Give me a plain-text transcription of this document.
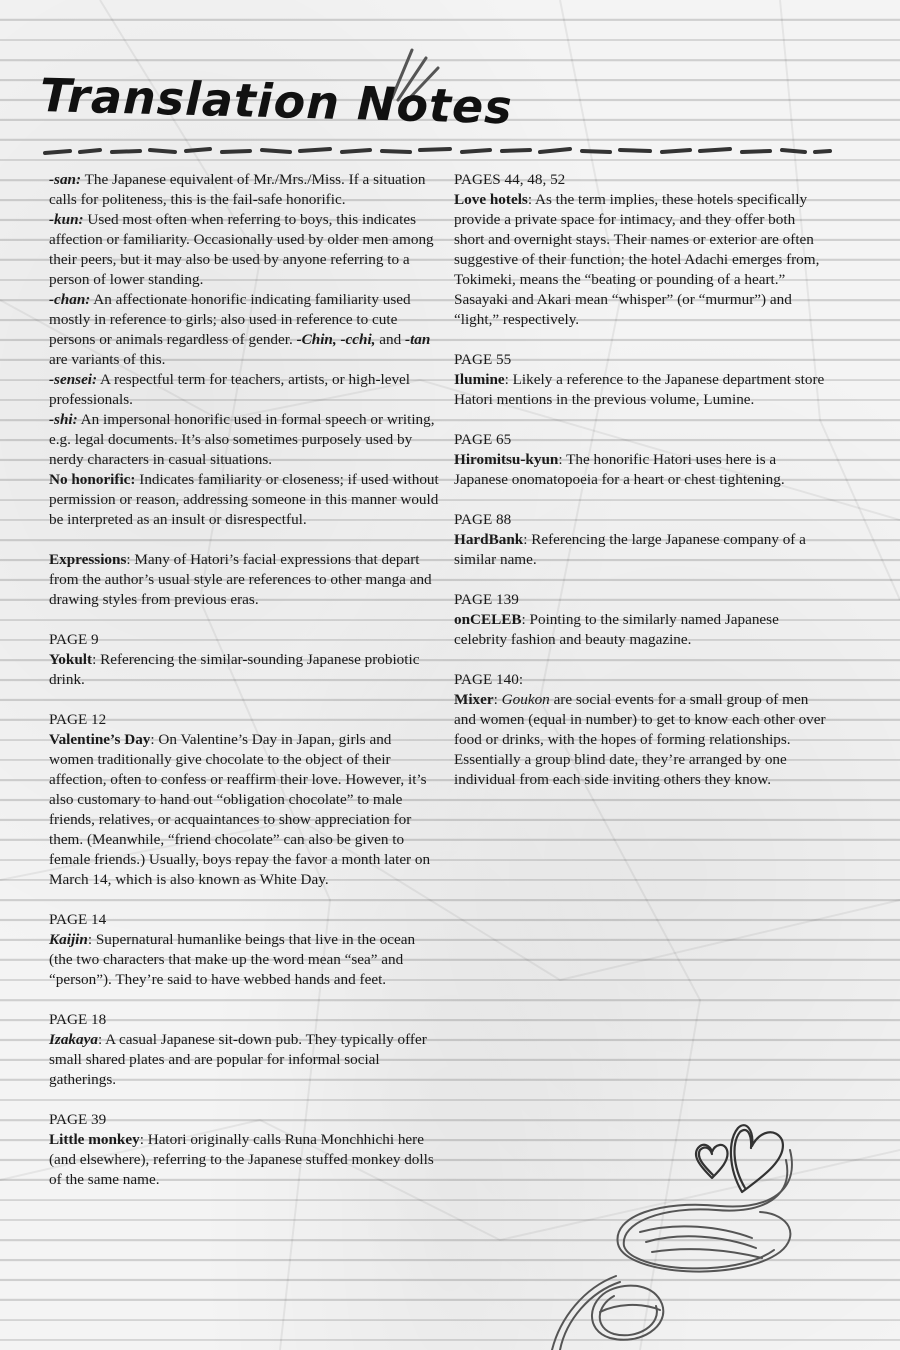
Translation Notes

-san: The Japanese equivalent of Mr./Mrs./Miss. If a situation calls for politeness, this is the fail-safe honorific.

-kun: Used most often when referring to boys, this indicates affection or familiarity. Occasionally used by older men among their peers, but it may also be used by anyone referring to a person of lower standing.

-chan: An affectionate honorific indicating familiarity used mostly in reference to girls; also used in reference to cute persons or animals regardless of gender. -Chin, -cchi, and -tan are variants of this.

-sensei: A respectful term for teachers, artists, or high-level professionals.

-shi: An impersonal honorific used in formal speech or writing, e.g. legal documents. It’s also sometimes purposely used by nerdy characters in casual situations.

No honorific: Indicates familiarity or closeness; if used without permission or reason, addressing someone in this manner would be interpreted as an insult or disrespectful.

Expressions: Many of Hatori’s facial expressions that depart from the author’s usual style are references to other manga and drawing styles from previous eras.

PAGE 9

Yokult: Referencing the similar-sounding Japanese probiotic drink.

PAGE 12

Valentine’s Day: On Valentine’s Day in Japan, girls and women traditionally give chocolate to the object of their affection, often to confess or reaffirm their love. However, it’s also customary to hand out “obligation chocolate” to male friends, relatives, or acquaintances to show appreciation for them. (Meanwhile, “friend chocolate” can also be given to female friends.) Usually, boys repay the favor a month later on March 14, which is also known as White Day.

PAGE 14

Kaijin: Supernatural humanlike beings that live in the ocean (the two characters that make up the word mean “sea” and “person”). They’re said to have webbed hands and feet.

PAGE 18

Izakaya: A casual Japanese sit-down pub. They typically offer small shared plates and are popular for informal social gatherings.

PAGE 39

Little monkey: Hatori originally calls Runa Monchhichi here (and elsewhere), referring to the Japanese stuffed monkey dolls of the same name.

PAGES 44, 48, 52

Love hotels: As the term implies, these hotels specifically provide a private space for intimacy, and they offer both short and overnight stays. Their names or exterior are often suggestive of their function; the hotel Adachi emerges from, Tokimeki, means the “beating or pounding of a heart.” Sasayaki and Akari mean “whisper” (or “murmur”) and “light,” respectively.

PAGE 55

Ilumine: Likely a reference to the Japanese department store Hatori mentions in the previous volume, Lumine.

PAGE 65

Hiromitsu-kyun: The honorific Hatori uses here is a Japanese onomatopoeia for a heart or chest tightening.

PAGE 88

HardBank: Referencing the large Japanese company of a similar name.

PAGE 139

onCELEB: Pointing to the similarly named Japanese celebrity fashion and beauty magazine.

PAGE 140:

Mixer: Goukon are social events for a small group of men and women (equal in number) to get to know each other over food or drinks, with the hopes of forming relationships. Essentially a group blind date, they’re arranged by one individual from each side inviting others they know.
